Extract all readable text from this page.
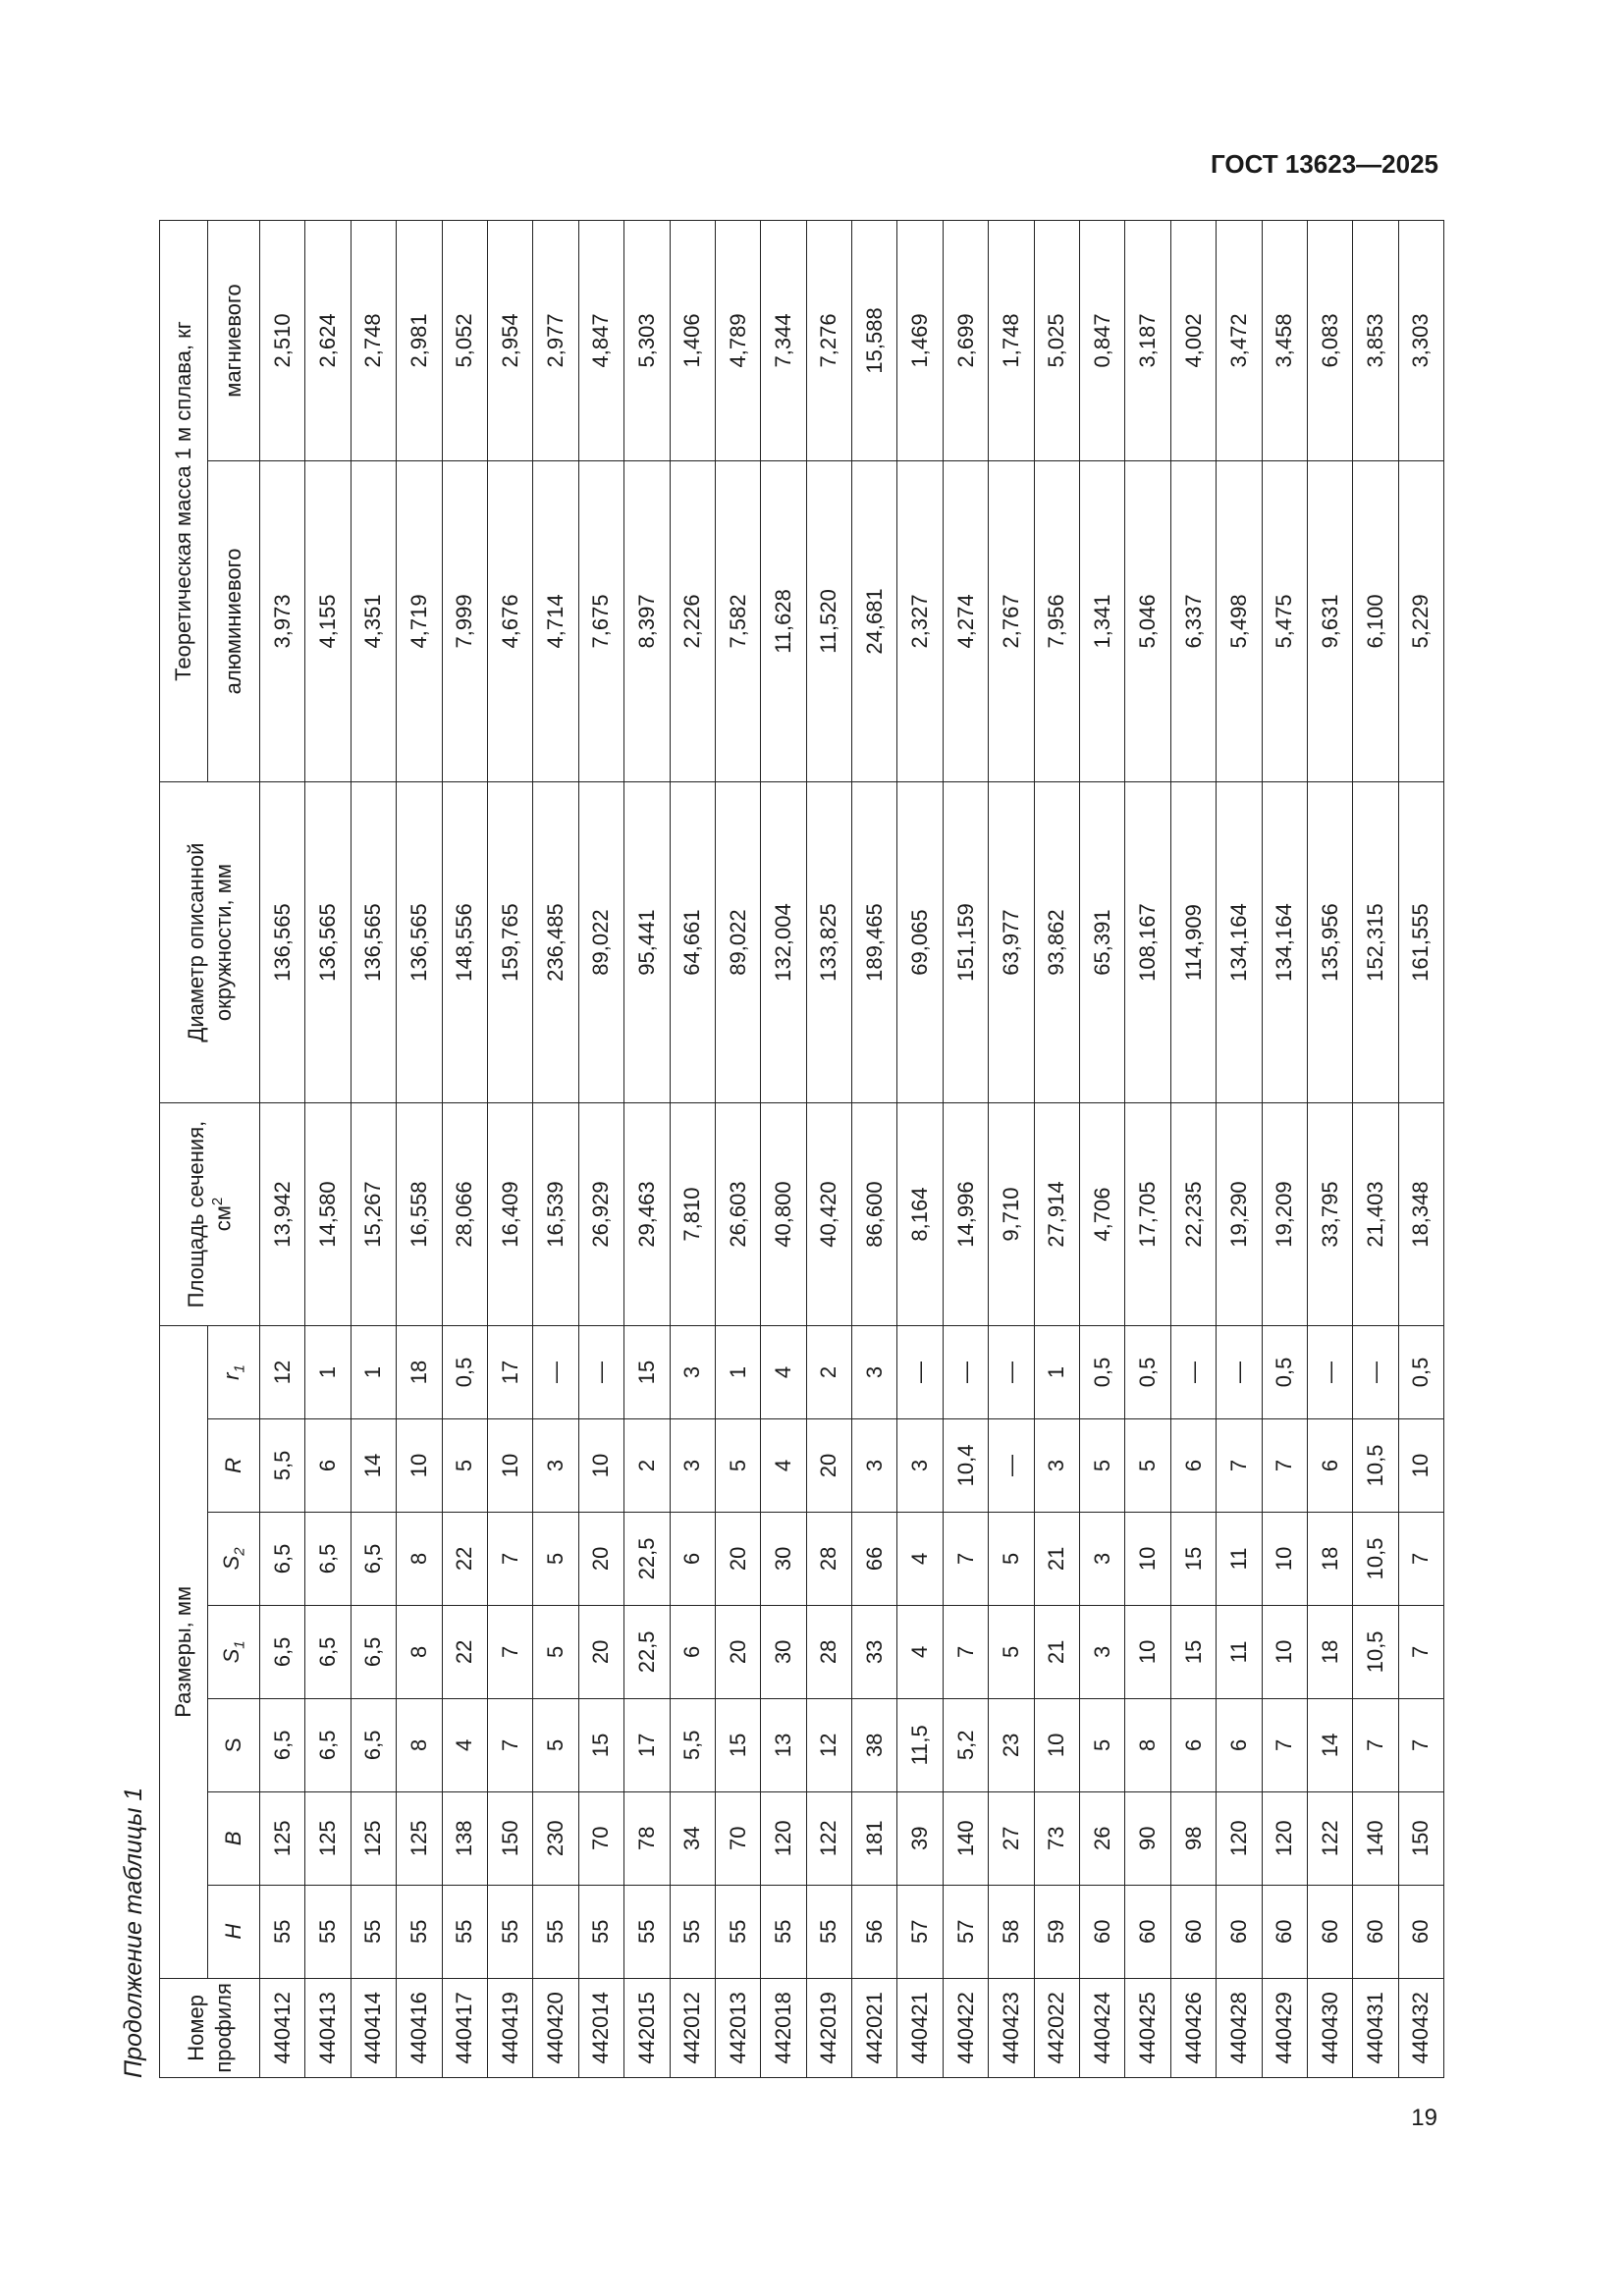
ГОСТ 13623—2025
Продолжение таблицы 1	Номер профиля	Размеры, мм							Площадь сечения, $см^2$	Диаметр описанной окружности, мм	Теоретическая масса 1 м сплава, кг	
	H	B	S	$S_1$	$S_2$	R	$r_1$			алюминиевого	магниевого
440412	55	125	6,5	6,5	6,5	5,5	12	13,942	136,565	3,973	2,510
440413	55	125	6,5	6,5	6,5	6	1	14,580	136,565	4,155	2,624
440414	55	125	6,5	6,5	6,5	14	1	15,267	136,565	4,351	2,748
440416	55	125	8	8	8	10	18	16,558	136,565	4,719	2,981
440417	55	138	4	22	22	5	0,5	28,066	148,556	7,999	5,052
440419	55	150	7	7	7	10	17	16,409	159,765	4,676	2,954
440420	55	230	5	5	5	3	—	16,539	236,485	4,714	2,977
442014	55	70	15	20	20	10	—	26,929	89,022	7,675	4,847
442015	55	78	17	22,5	22,5	2	15	29,463	95,441	8,397	5,303
442012	55	34	5,5	6	6	3	3	7,810	64,661	2,226	1,406
442013	55	70	15	20	20	5	1	26,603	89,022	7,582	4,789
442018	55	120	13	30	30	4	4	40,800	132,004	11,628	7,344
442019	55	122	12	28	28	20	2	40,420	133,825	11,520	7,276
442021	56	181	38	33	66	3	3	86,600	189,465	24,681	15,588
440421	57	39	11,5	4	4	3	—	8,164	69,065	2,327	1,469
440422	57	140	5,2	7	7	10,4	—	14,996	151,159	4,274	2,699
440423	58	27	23	5	5	—	—	9,710	63,977	2,767	1,748
442022	59	73	10	21	21	3	1	27,914	93,862	7,956	5,025
440424	60	26	5	3	3	5	0,5	4,706	65,391	1,341	0,847
440425	60	90	8	10	10	5	0,5	17,705	108,167	5,046	3,187
440426	60	98	6	15	15	6	—	22,235	114,909	6,337	4,002
440428	60	120	6	11	11	7	—	19,290	134,164	5,498	3,472
440429	60	120	7	10	10	7	0,5	19,209	134,164	5,475	3,458
440430	60	122	14	18	18	6	—	33,795	135,956	9,631	6,083
440431	60	140	7	10,5	10,5	10,5	—	21,403	152,315	6,100	3,853
440432	60	150	7	7	7	10	0,5	18,348	161,555	5,229	3,303
19
